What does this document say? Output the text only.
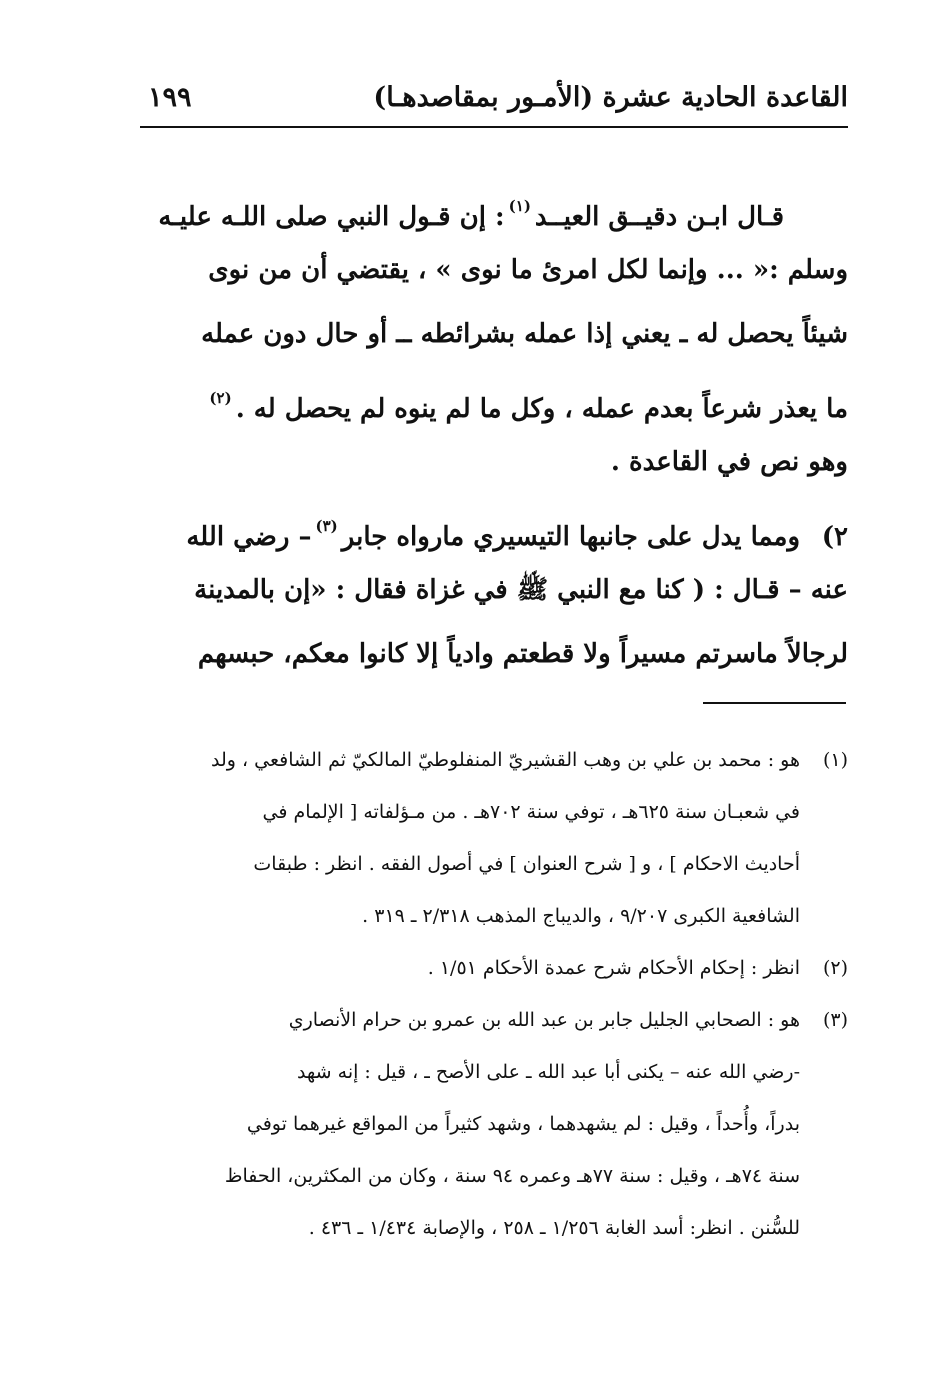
القاعدة الحادية عشرة (الأمـور بمقاصدهـا)
١٩٩
قـال ابـن دقيــق العيــد$^{(١)}$: إن قـول النبي صلى اللـه عليـه
وسلم :« ... وإنما لكل امرئ ما نوى » ، يقتضي أن من نوى
شيئاً يحصل له ـ يعني إذا عمله بشرائطه ــ أو حال دون عمله
ما يعذر شرعاً بعدم عمله ، وكل ما لم ينوه لم يحصل له .$^{(٢)}$
وهو نص في القاعدة .
٢)ومما يدل على جانبها التيسيري مارواه جابر$^{(٣)}$– رضي الله
عنه – قـال : ( كنا مع النبي ﷺ في غزاة فقال : «إن بالمدينة
لرجالاً ماسرتم مسيراً ولا قطعتم وادياً إلا كانوا معكم، حبسهم
(١)هو : محمد بن علي بن وهب القشيريّ المنفلوطيّ المالكيّ ثم الشافعي ، ولد
في شعبـان سنة ٦٢٥هـ ، توفي سنة ٧٠٢هـ . من مـؤلفاته [ الإلمام في
أحاديث الاحكام ] ، و [ شرح العنوان ] في أصول الفقه . انظر : طبقات
الشافعية الكبرى ٩/٢٠٧ ، والديباج المذهب ٢/٣١٨ ـ ٣١٩ .
(٢)انظر : إحكام الأحكام شرح عمدة الأحكام ١/٥١ .
(٣)هو : الصحابي الجليل جابر بن عبد الله بن عمرو بن حرام الأنصاري
-رضي الله عنه – يكنى أبا عبد الله ـ على الأصح ـ ، قيل : إنه شهد
بدراً، وأُحداً ، وقيل : لم يشهدهما ، وشهد كثيراً من المواقع غيرهما توفي
سنة ٧٤هـ ، وقيل : سنة ٧٧هـ وعمره ٩٤ سنة ، وكان من المكثرين، الحفاظ
للسُّنن . انظر: أسد الغابة ١/٢٥٦ ـ ٢٥٨ ، والإصابة ١/٤٣٤ ـ ٤٣٦ .
